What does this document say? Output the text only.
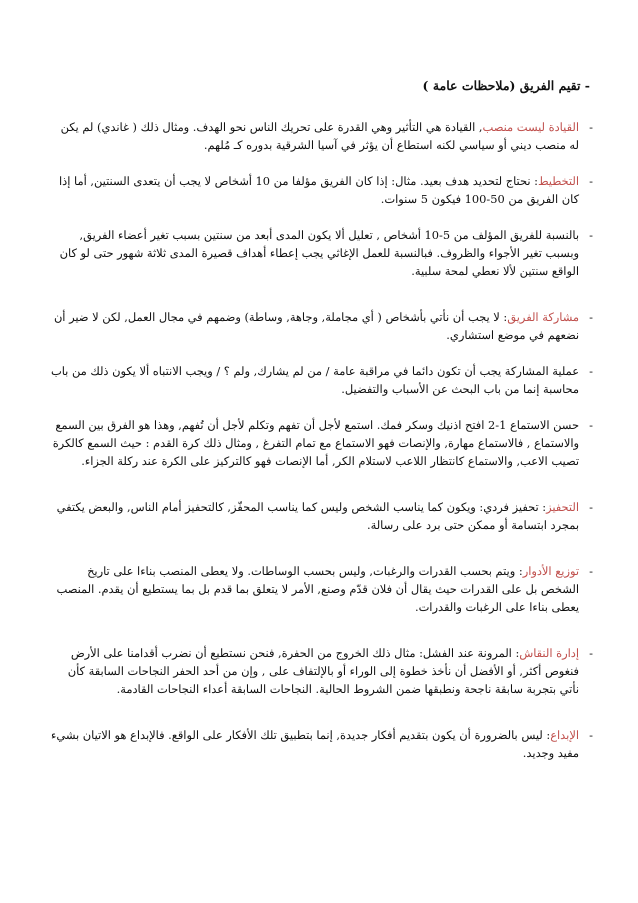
- تقيم الفريق (ملاحظات عامة )
-
القيادة ليست منصب, القيادة هي التأثير وهي القدرة على تحريك الناس نحو الهدف. ومثال ذلك ( غاندي) لم يكن له منصب ديني أو سياسي لكنه استطاع أن يؤثر في آسيا الشرقية بدوره كـ مُلهم.
-
التخطيط: نحتاج لتحديد هدف بعيد. مثال: إذا كان الفريق مؤلفا من 10 أشخاص لا يجب أن يتعدى السنتين, أما إذا كان الفريق من 50-100 فيكون 5 سنوات.
-
بالنسبة للفريق المؤلف من 5-10 أشخاص , تعليل ألا يكون المدى أبعد من سنتين بسبب تغير أعضاء الفريق, وبسبب تغير الأجواء والظروف. فبالنسبة للعمل الإغاثي يجب إعطاء أهداف قصيرة المدى ثلاثة شهور حتى لو كان الواقع سنتين لألا نعطي لمحة سلبية.
-
مشاركة الفريق: لا يجب أن نأتي بأشخاص ( أي مجاملة, وجاهة, وساطة) وضمهم في مجال العمل, لكن لا ضير أن نضعهم في موضع استشاري.
-
عملية المشاركة يجب أن تكون دائما في مراقبة عامة / من لم يشارك, ولم ؟ / ويجب الانتباه ألا يكون ذلك من باب محاسبة إنما من باب البحث عن الأسباب والتفضيل.
-
حسن الاستماع 1-2 افتح اذنيك وسكر فمك. استمع لأجل أن تفهم وتكلم لأجل أن تُفهم, وهذا هو الفرق بين السمع والاستماع , فالاستماع مهارة, والإنصات فهو الاستماع مع تمام التفرغ , ومثال ذلك كرة القدم : حيث السمع كالكرة تصيب الاعب, والاستماع كانتظار اللاعب لاستلام الكر, أما الإنصات فهو كالتركيز على الكرة عند ركلة الجزاء.
-
التحفيز: تحفيز فردي: ويكون كما يناسب الشخص وليس كما يناسب المحفّز, كالتحفيز أمام الناس, والبعض يكتفي بمجرد ابتسامة أو ممكن حتى برد على رسالة.
-
توزيع الأدوار: ويتم بحسب القدرات والرغبات, وليس بحسب الوساطات. ولا يعطى المنصب بناءا على تاريخ الشخص بل على القدرات حيث يقال أن فلان قدّم وصنع, الأمر لا يتعلق بما قدم بل بما يستطيع أن يقدم. المنصب يعطى بناءا على الرغبات والقدرات.
-
إدارة النقاش: المرونة عند الفشل: مثال ذلك الخروج من الحفرة, فنحن نستطيع أن نضرب أقدامنا على الأرض فنغوص أكثر, أو الأفضل أن نأخذ خطوة إلى الوراء أو بالإلتفاف على , وإن من أحد الحفر النجاحات السابقة كأن نأتي بتجربة سابقة ناجحة ونطبقها ضمن الشروط الحالية. النجاحات السابقة أعداء النجاحات القادمة.
-
الإبداع: ليس بالضرورة أن يكون بتقديم أفكار جديدة, إنما بتطبيق تلك الأفكار على الواقع. فالإبداع هو الاتيان بشيء مفيد وجديد.
